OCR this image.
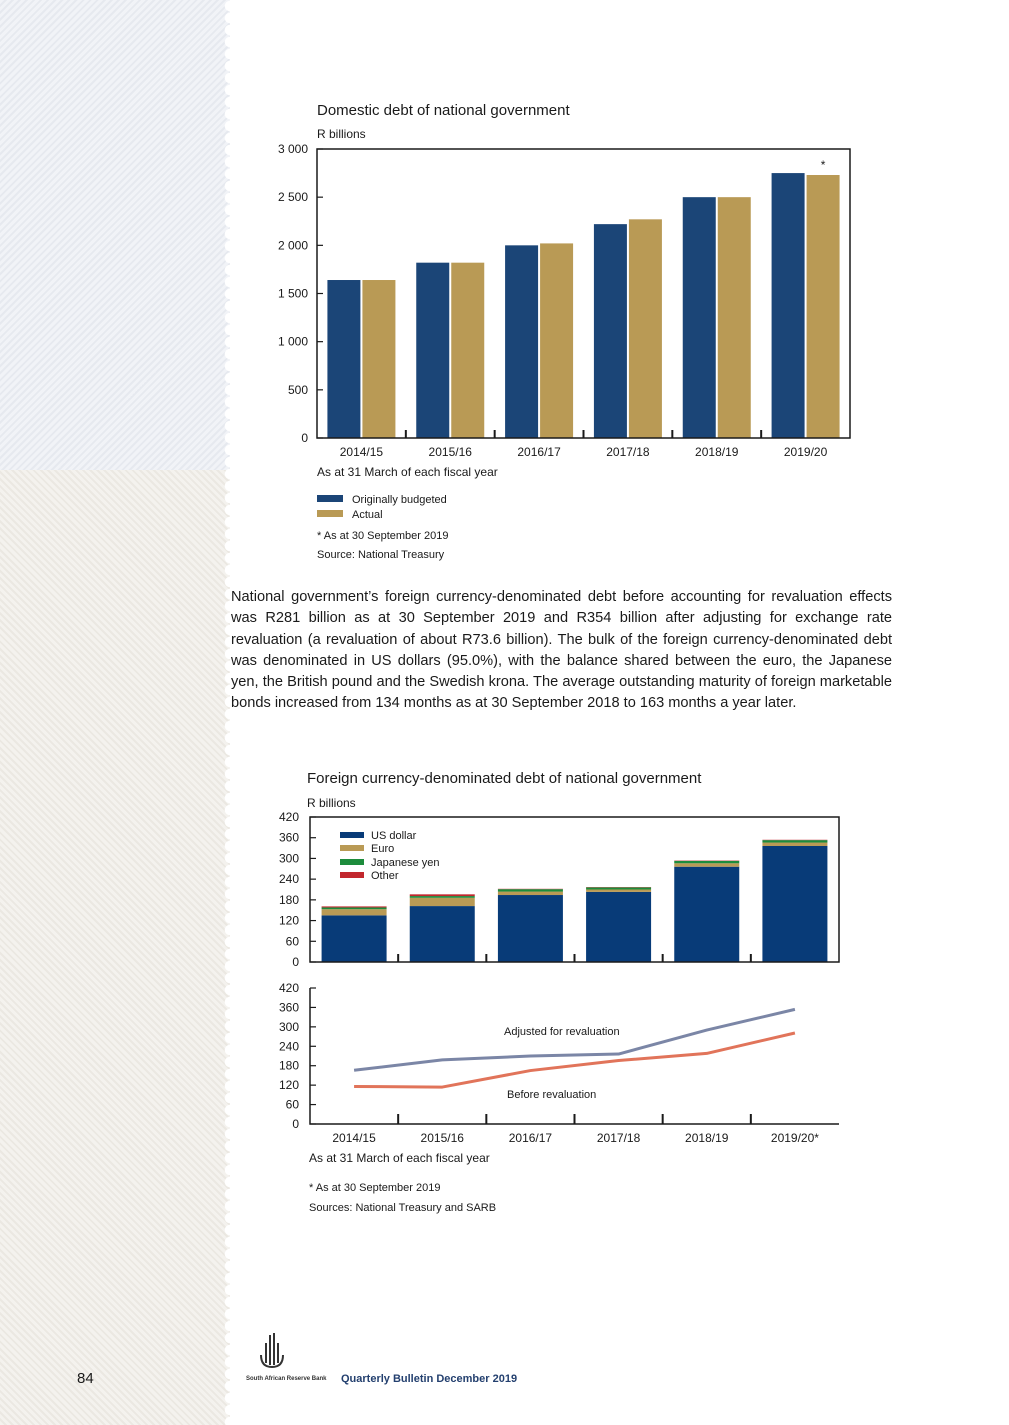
Domestic debt of national government
R billions
3 000
2 500
2 000
1 500
1 000
500
0
2014/15	2015/16	2016/17	2017/18	2018/19	2019/20
As at 31 March of each fiscal year
*
Originally budgeted
Actual
* As at 30 September 2019
Source: National Treasury

National government’s foreign currency-denominated debt before accounting for revaluation effects was R281 billion as at 30 September 2019 and R354 billion after adjusting for exchange rate revaluation (a revaluation of about R73.6 billion). The bulk of the foreign currency-denominated debt was denominated in US dollars (95.0%), with the balance shared between the euro, the Japanese yen, the British pound and the Swedish krona. The average outstanding maturity of foreign marketable bonds increased from 134 months as at 30 September 2018 to 163 months a year later.

Foreign currency-denominated debt of national government
R billions
420
360
300
240
180
120
60
0
US dollar
Euro
Japanese yen
Other
420
360
300
240
180
120
60
0
Adjusted for revaluation
Before revaluation
2014/15	2015/16	2016/17	2017/18	2018/19	2019/20*
As at 31 March of each fiscal year
* As at 30 September 2019
Sources: National Treasury and SARB
South African Reserve Bank
84	Quarterly Bulletin December 2019
